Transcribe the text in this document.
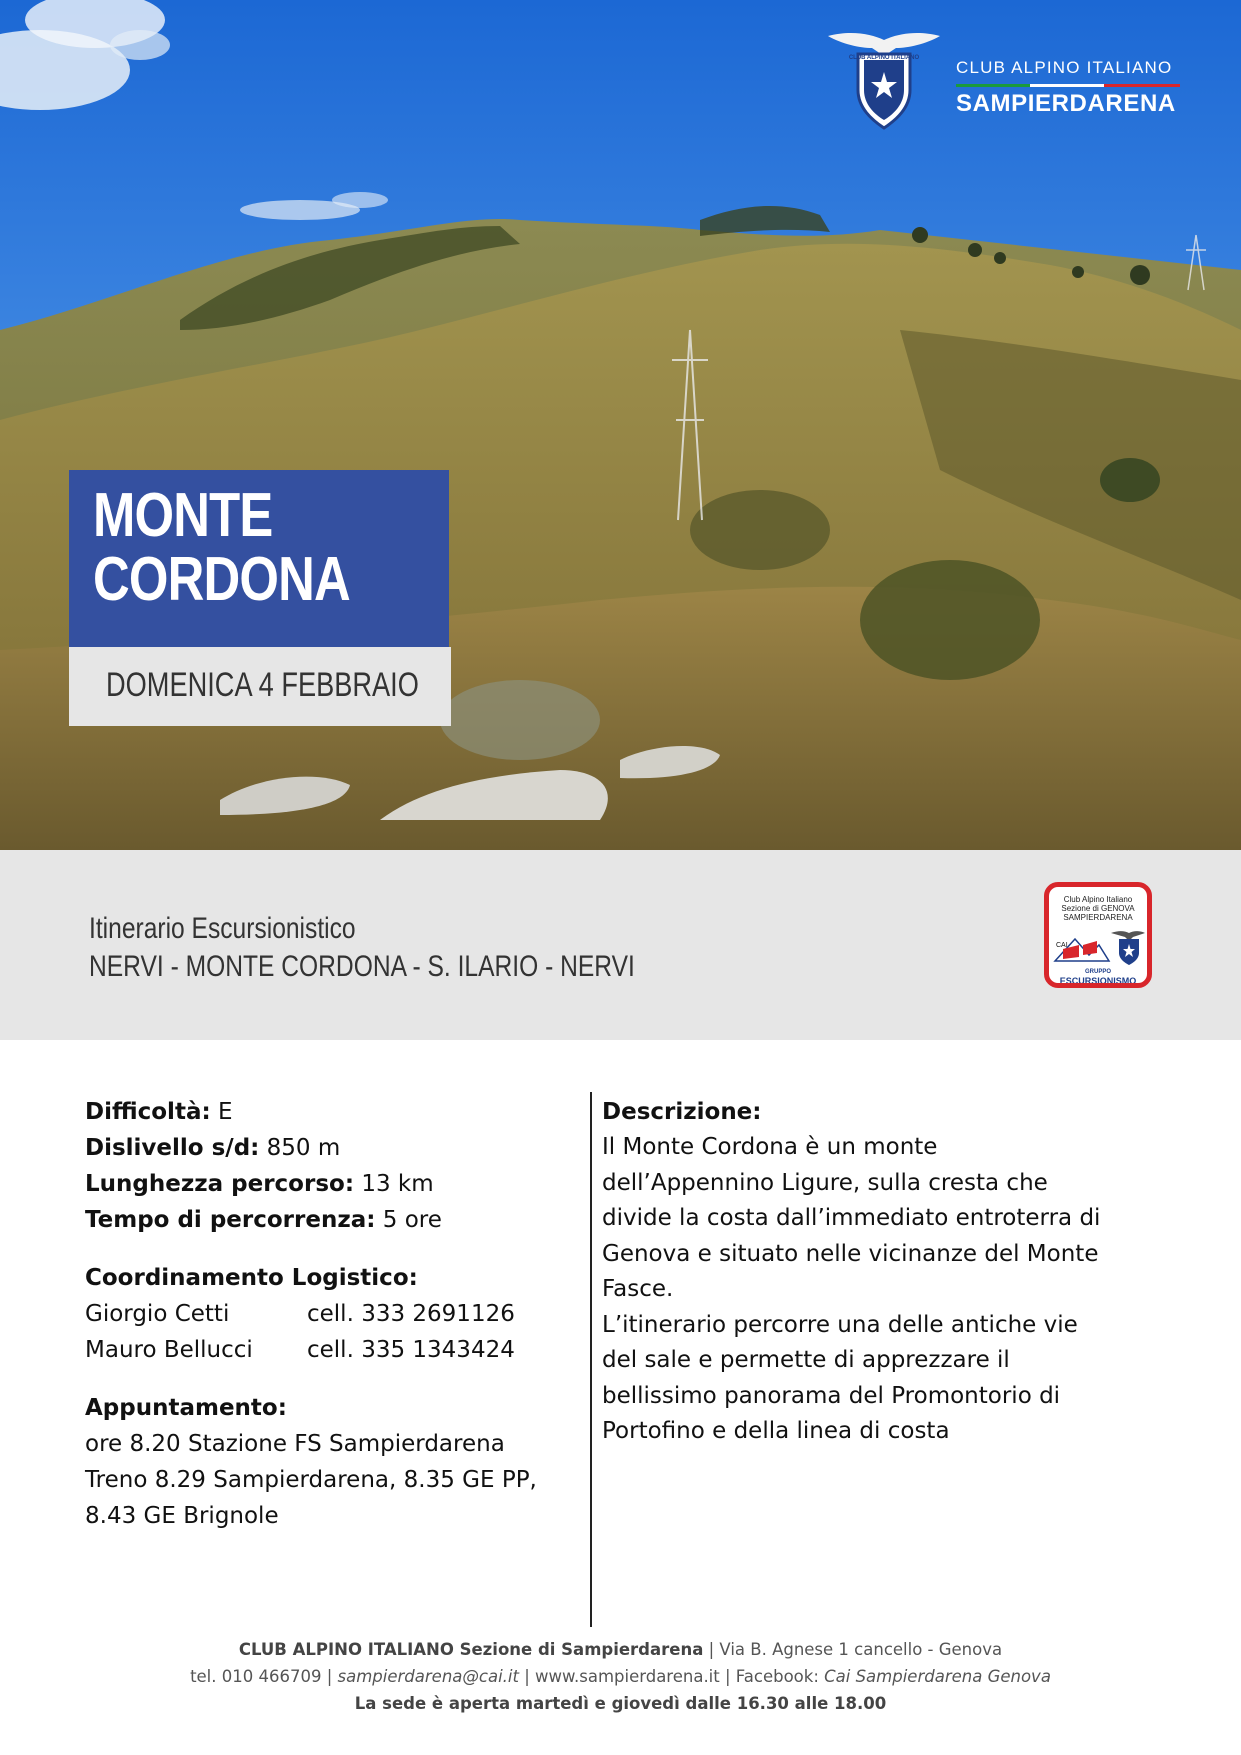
CLUB ALPINO ITALIANO CLUB ALPINO ITALIANO
SAMPIERDARENA
MONTE
CORDONA
DOMENICA 4 FEBBRAIO
Itinerario Escursionistico
NERVI - MONTE CORDONA - S. ILARIO - NERVI
Club Alpino Italiano
Sezione di GENOVA
SAMPIERDARENA
CAI
GRUPPO
ESCURSIONISMO
Difficoltà: E
Dislivello s/d: 850 m
Lunghezza percorso: 13 km
Tempo di percorrenza: 5 ore
Coordinamento Logistico:
Giorgio Cetti	cell. 333 2691126
Mauro Bellucci	cell. 335 1343424
Appuntamento:
ore 8.20 Stazione FS Sampierdarena
Treno 8.29 Sampierdarena, 8.35 GE PP,
8.43 GE Brignole
Descrizione:
Il Monte Cordona è un monte
dell’Appennino Ligure, sulla cresta che
divide la costa dall’immediato entroterra di
Genova e situato nelle vicinanze del Monte
Fasce.
L’itinerario percorre una delle antiche vie
del sale e permette di apprezzare il
bellissimo panorama del Promontorio di
Portofino e della linea di costa
CLUB ALPINO ITALIANO Sezione di Sampierdarena | Via B. Agnese 1 cancello - Genova
tel. 010 466709 | sampierdarena@cai.it | www.sampierdarena.it | Facebook: Cai Sampierdarena Genova
La sede è aperta martedì e giovedì dalle 16.30 alle 18.00
